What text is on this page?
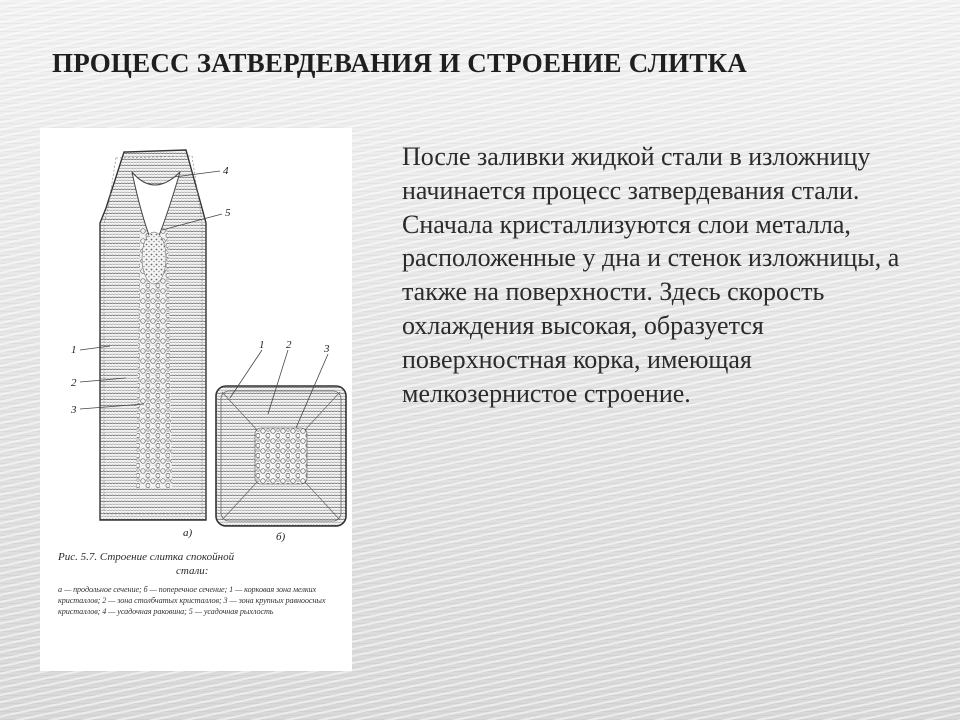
ПРОЦЕСС ЗАТВЕРДЕВАНИЯ И СТРОЕНИЕ СЛИТКА
4
5
1
2
3
1 2	3
а)	б)
Рис. 5.7. Строение слитка спокойной
стали:
а — продольное сечение; б — поперечное сечение; 1 — корковая зона мелких кристаллов; 2 — зона столбчатых кристаллов; 3 — зона крупных равноосных кристаллов; 4 — усадочная раковина; 5 — усадочная рыхлость

После заливки жидкой стали в изложницу начинается процесс затвердевания стали.

Сначала кристаллизуются слои металла, расположенные у дна и стенок изложницы, а также на поверхности. Здесь скорость охлаждения высокая, образуется поверхностная корка, имеющая мелкозернистое строение.
